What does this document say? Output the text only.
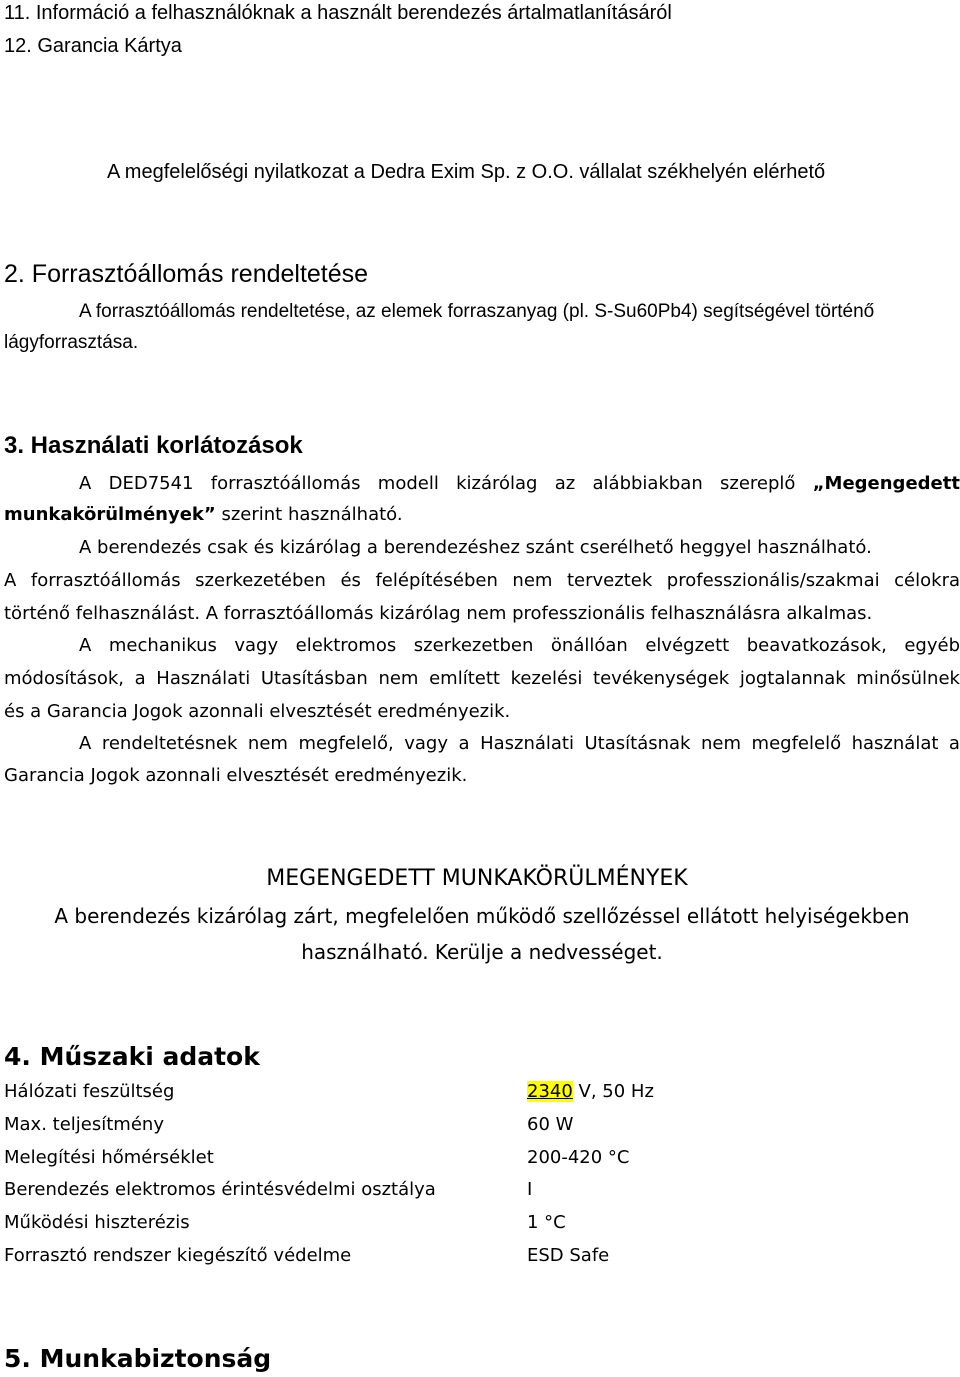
11. Információ a felhasználóknak a használt berendezés ártalmatlanításáról
12. Garancia Kártya
A megfelelőségi nyilatkozat a Dedra Exim Sp. z O.O. vállalat székhelyén elérhető
2. Forrasztóállomás rendeltetése
A forrasztóállomás rendeltetése, az elemek forraszanyag (pl. S-Su60Pb4) segítségével történő
lágyforrasztása.
3. Használati korlátozások
A DED7541 forrasztóállomás modell kizárólag az alábbiakban szereplő „Megengedett
munkakörülmények” szerint használható.
A berendezés csak és kizárólag a berendezéshez szánt cserélhető heggyel használható.
A forrasztóállomás szerkezetében és felépítésében nem terveztek professzionális/szakmai célokra
történő felhasználást. A forrasztóállomás kizárólag nem professzionális felhasználásra alkalmas.
A mechanikus vagy elektromos szerkezetben önállóan elvégzett beavatkozások, egyéb
módosítások, a Használati Utasításban nem említett kezelési tevékenységek jogtalannak minősülnek
és a Garancia Jogok azonnali elvesztését eredményezik.
A rendeltetésnek nem megfelelő, vagy a Használati Utasításnak nem megfelelő használat a
Garancia Jogok azonnali elvesztését eredményezik.
MEGENGEDETT MUNKAKÖRÜLMÉNYEK
A berendezés kizárólag zárt, megfelelően működő szellőzéssel ellátott helyiségekben
használható. Kerülje a nedvességet.
4. Műszaki adatok
Hálózati feszültség	2340 V, 50 Hz
Max. teljesítmény	60 W
Melegítési hőmérséklet	200-420 °C
Berendezés elektromos érintésvédelmi osztálya	I
Működési hiszterézis	1 °C
Forrasztó rendszer kiegészítő védelme	ESD Safe
5. Munkabiztonság
